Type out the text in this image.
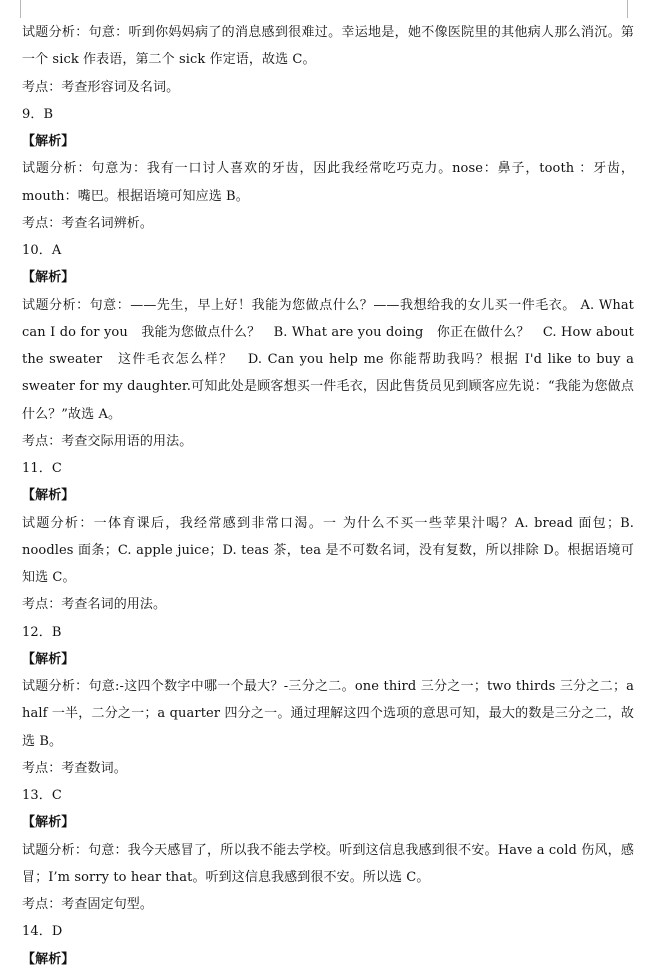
试题分析：句意：听到你妈妈病了的消息感到很难过。幸运地是，她不像医院里的其他病人那么消沉。第一个 sick 作表语，第二个 sick 作定语，故选 C。

考点：考查形容词及名词。

9．B

【解析】

试题分析：句意为：我有一口讨人喜欢的牙齿，因此我经常吃巧克力。nose：鼻子，tooth ：牙齿，mouth：嘴巴。根据语境可知应选 B。

考点：考查名词辨析。

10．A

【解析】

试题分析：句意：——先生，早上好！我能为您做点什么？——我想给我的女儿买一件毛衣。 A. What can I do for you　我能为您做点什么？　B. What are you doing　你正在做什么？　C. How about the sweater　这件毛衣怎么样？　D. Can you help me 你能帮助我吗？根据 I'd like to buy a sweater for my daughter.可知此处是顾客想买一件毛衣，因此售货员见到顾客应先说：“我能为您做点什么？”故选 A。

考点：考查交际用语的用法。

11．C

【解析】

试题分析：一体育课后，我经常感到非常口渴。一 为什么不买一些苹果汁喝？A. bread 面包；B. noodles 面条；C. apple juice；D. teas 茶，tea 是不可数名词，没有复数，所以排除 D。根据语境可知选 C。

考点：考查名词的用法。

12．B

【解析】

试题分析：句意:-这四个数字中哪一个最大？-三分之二。one third 三分之一；two thirds 三分之二；a half 一半，二分之一；a quarter 四分之一。通过理解这四个选项的意思可知，最大的数是三分之二，故选 B。

考点：考查数词。

13．C

【解析】

试题分析：句意：我今天感冒了，所以我不能去学校。听到这信息我感到很不安。Have a cold 伤风，感冒；I’m sorry to hear that。听到这信息我感到很不安。所以选 C。

考点：考查固定句型。

14．D

【解析】
